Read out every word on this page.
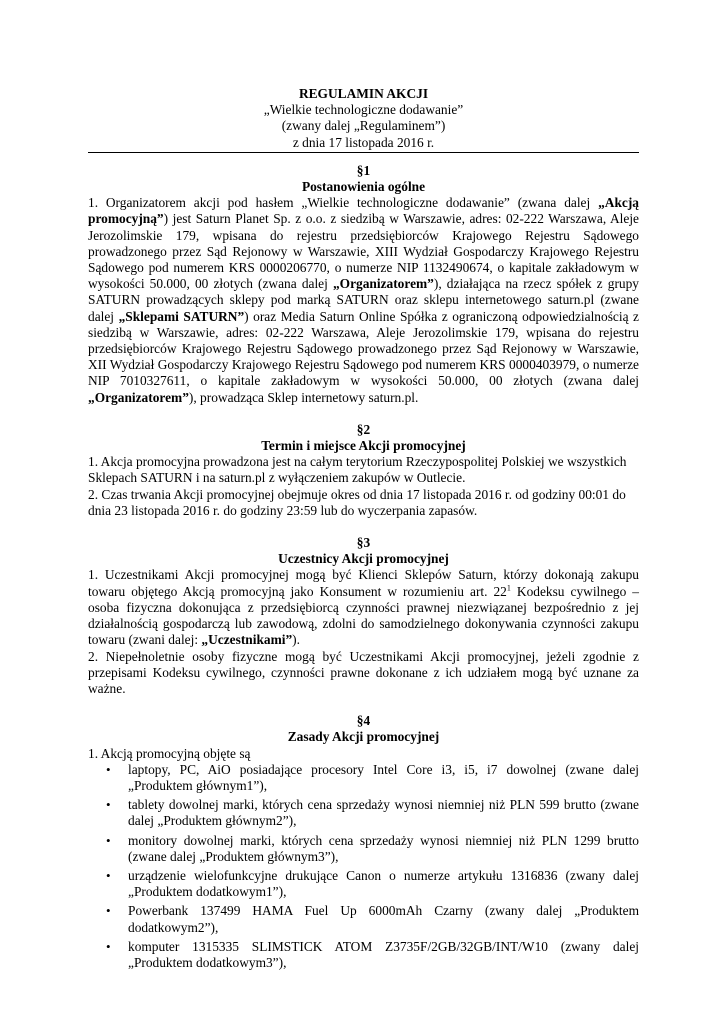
REGULAMIN AKCJI
„Wielkie technologiczne dodawanie”
(zwany dalej „Regulaminem”)
z dnia 17 listopada 2016 r.
§1
Postanowienia ogólne

1. Organizatorem akcji pod hasłem „Wielkie technologiczne dodawanie” (zwana dalej „Akcją promocyjną”) jest Saturn Planet Sp. z o.o. z siedzibą w Warszawie, adres: 02-222 Warszawa, Aleje Jerozolimskie 179, wpisana do rejestru przedsiębiorców Krajowego Rejestru Sądowego prowadzonego przez Sąd Rejonowy w Warszawie, XIII Wydział Gospodarczy Krajowego Rejestru Sądowego pod numerem KRS 0000206770, o numerze NIP 1132490674, o kapitale zakładowym w wysokości 50.000, 00 złotych (zwana dalej „Organizatorem”), działająca na rzecz spółek z grupy SATURN prowadzących sklepy pod marką SATURN oraz sklepu internetowego saturn.pl (zwane dalej „Sklepami SATURN”) oraz Media Saturn Online Spółka z ograniczoną odpowiedzialnością z siedzibą w Warszawie, adres: 02-222 Warszawa, Aleje Jerozolimskie 179, wpisana do rejestru przedsiębiorców Krajowego Rejestru Sądowego prowadzonego przez Sąd Rejonowy w Warszawie, XII Wydział Gospodarczy Krajowego Rejestru Sądowego pod numerem KRS 0000403979, o numerze NIP 7010327611, o kapitale zakładowym w wysokości 50.000, 00 złotych (zwana dalej „Organizatorem”), prowadząca Sklep internetowy saturn.pl.

§2
Termin i miejsce Akcji promocyjnej

1. Akcja promocyjna prowadzona jest na całym terytorium Rzeczypospolitej Polskiej we wszystkich Sklepach SATURN i na saturn.pl z wyłączeniem zakupów w Outlecie.

2. Czas trwania Akcji promocyjnej obejmuje okres od dnia 17 listopada 2016 r. od godziny 00:01 do dnia 23 listopada 2016 r. do godziny 23:59 lub do wyczerpania zapasów.

§3
Uczestnicy Akcji promocyjnej

1. Uczestnikami Akcji promocyjnej mogą być Klienci Sklepów Saturn, którzy dokonają zakupu towaru objętego Akcją promocyjną jako Konsument w rozumieniu art. $22^1$ Kodeksu cywilnego – osoba fizyczna dokonująca z przedsiębiorcą czynności prawnej niezwiązanej bezpośrednio z jej działalnością gospodarczą lub zawodową, zdolni do samodzielnego dokonywania czynności zakupu towaru (zwani dalej: „Uczestnikami”).

2. Niepełnoletnie osoby fizyczne mogą być Uczestnikami Akcji promocyjnej, jeżeli zgodnie z przepisami Kodeksu cywilnego, czynności prawne dokonane z ich udziałem mogą być uznane za ważne.

§4
Zasady Akcji promocyjnej

1. Akcją promocyjną objęte są

• laptopy, PC, AiO posiadające procesory Intel Core i3, i5, i7 dowolnej (zwane dalej „Produktem głównym1”),
• tablety dowolnej marki, których cena sprzedaży wynosi niemniej niż PLN 599 brutto (zwane dalej „Produktem głównym2”),
• monitory dowolnej marki, których cena sprzedaży wynosi niemniej niż PLN 1299 brutto (zwane dalej „Produktem głównym3”),
• urządzenie wielofunkcyjne drukujące Canon o numerze artykułu 1316836 (zwany dalej „Produktem dodatkowym1”),
• Powerbank 137499 HAMA Fuel Up 6000mAh Czarny (zwany dalej „Produktem dodatkowym2”),
• komputer 1315335 SLIMSTICK ATOM Z3735F/2GB/32GB/INT/W10 (zwany dalej „Produktem dodatkowym3”),
